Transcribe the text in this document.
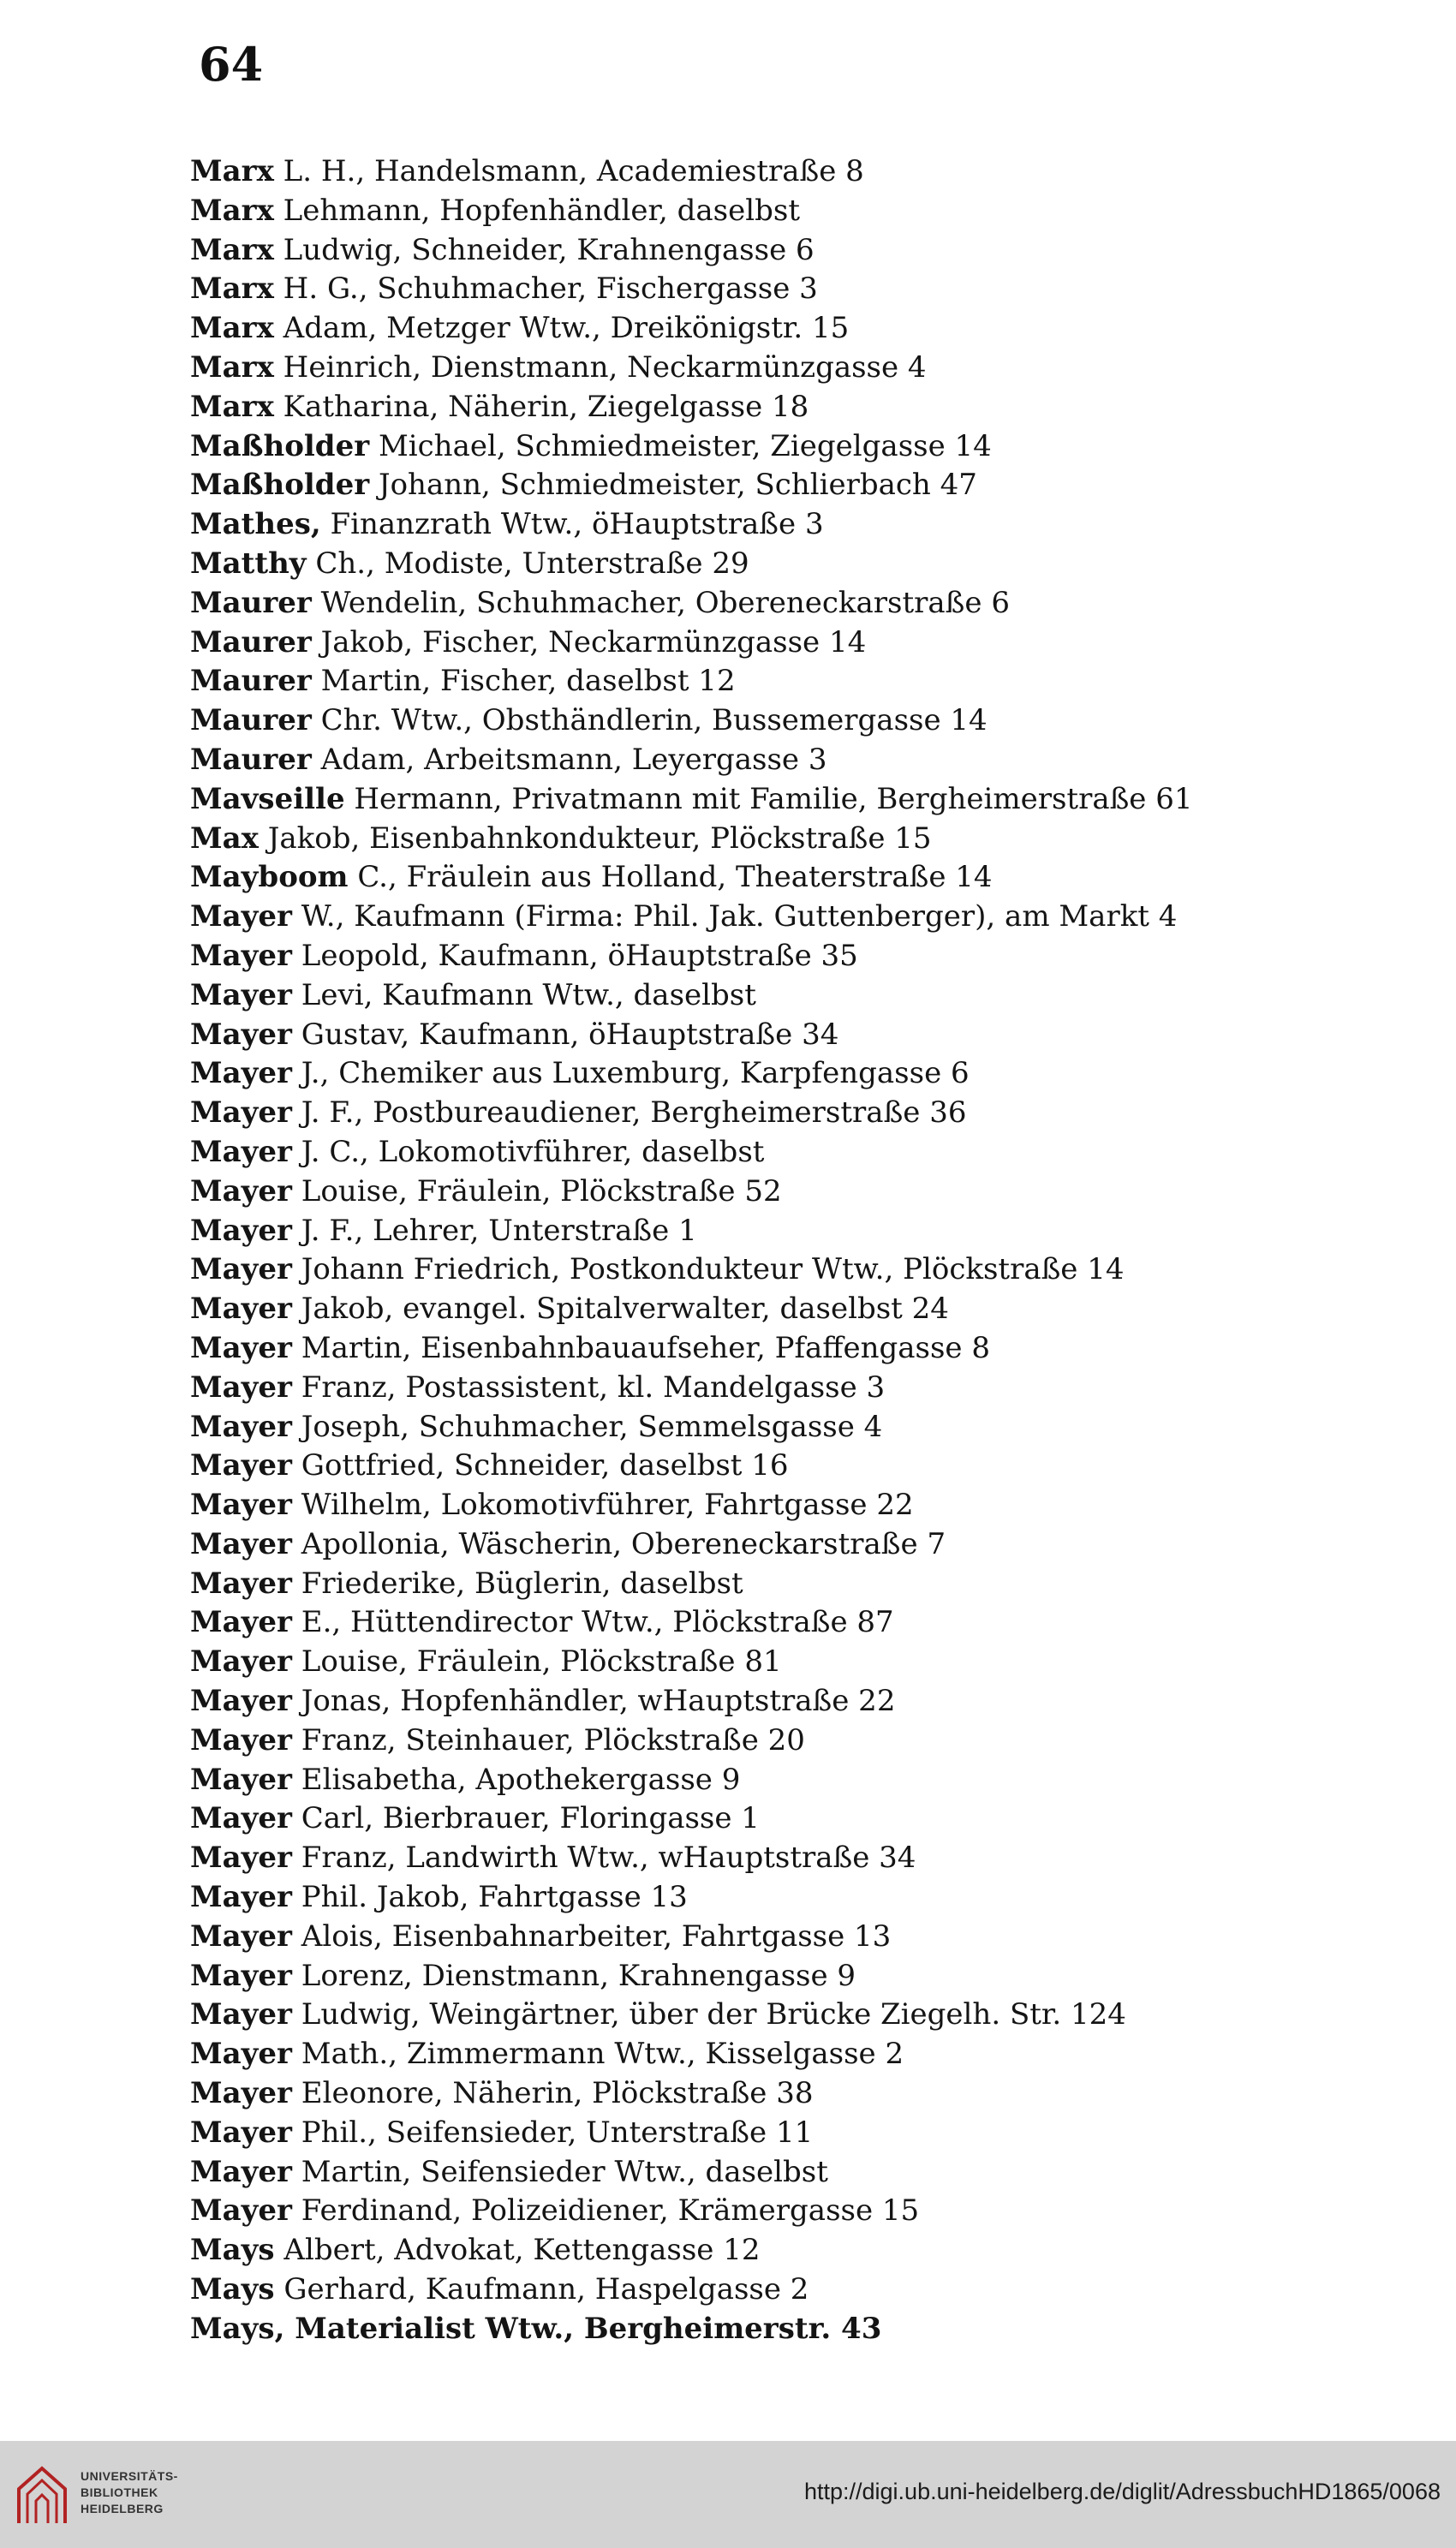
64
Marx L. H., Handelsmann, Academiestraße 8
Marx Lehmann, Hopfenhändler, daselbst
Marx Ludwig, Schneider, Krahnengasse 6
Marx H. G., Schuhmacher, Fischergasse 3
Marx Adam, Metzger Wtw., Dreikönigstr. 15
Marx Heinrich, Dienstmann, Neckarmünzgasse 4
Marx Katharina, Näherin, Ziegelgasse 18
Maßholder Michael, Schmiedmeister, Ziegelgasse 14
Maßholder Johann, Schmiedmeister, Schlierbach 47
Mathes, Finanzrath Wtw., öHauptstraße 3
Matthy Ch., Modiste, Unterstraße 29
Maurer Wendelin, Schuhmacher, Obereneckarstraße 6
Maurer Jakob, Fischer, Neckarmünzgasse 14
Maurer Martin, Fischer, daselbst 12
Maurer Chr. Wtw., Obsthändlerin, Bussemergasse 14
Maurer Adam, Arbeitsmann, Leyergasse 3
Mavseille Hermann, Privatmann mit Familie, Bergheimerstraße 61
Max Jakob, Eisenbahnkondukteur, Plöckstraße 15
Mayboom C., Fräulein aus Holland, Theaterstraße 14
Mayer W., Kaufmann (Firma: Phil. Jak. Guttenberger), am Markt 4
Mayer Leopold, Kaufmann, öHauptstraße 35
Mayer Levi, Kaufmann Wtw., daselbst
Mayer Gustav, Kaufmann, öHauptstraße 34
Mayer J., Chemiker aus Luxemburg, Karpfengasse 6
Mayer J. F., Postbureaudiener, Bergheimerstraße 36
Mayer J. C., Lokomotivführer, daselbst
Mayer Louise, Fräulein, Plöckstraße 52
Mayer J. F., Lehrer, Unterstraße 1
Mayer Johann Friedrich, Postkondukteur Wtw., Plöckstraße 14
Mayer Jakob, evangel. Spitalverwalter, daselbst 24
Mayer Martin, Eisenbahnbauaufseher, Pfaffengasse 8
Mayer Franz, Postassistent, kl. Mandelgasse 3
Mayer Joseph, Schuhmacher, Semmelsgasse 4
Mayer Gottfried, Schneider, daselbst 16
Mayer Wilhelm, Lokomotivführer, Fahrtgasse 22
Mayer Apollonia, Wäscherin, Obereneckarstraße 7
Mayer Friederike, Büglerin, daselbst
Mayer E., Hüttendirector Wtw., Plöckstraße 87
Mayer Louise, Fräulein, Plöckstraße 81
Mayer Jonas, Hopfenhändler, wHauptstraße 22
Mayer Franz, Steinhauer, Plöckstraße 20
Mayer Elisabetha, Apothekergasse 9
Mayer Carl, Bierbrauer, Floringasse 1
Mayer Franz, Landwirth Wtw., wHauptstraße 34
Mayer Phil. Jakob, Fahrtgasse 13
Mayer Alois, Eisenbahnarbeiter, Fahrtgasse 13
Mayer Lorenz, Dienstmann, Krahnengasse 9
Mayer Ludwig, Weingärtner, über der Brücke Ziegelh. Str. 124
Mayer Math., Zimmermann Wtw., Kisselgasse 2
Mayer Eleonore, Näherin, Plöckstraße 38
Mayer Phil., Seifensieder, Unterstraße 11
Mayer Martin, Seifensieder Wtw., daselbst
Mayer Ferdinand, Polizeidiener, Krämergasse 15
Mays Albert, Advokat, Kettengasse 12
Mays Gerhard, Kaufmann, Haspelgasse 2
Mays, Materialist Wtw., Bergheimerstr. 43
UNIVERSITÄTS-
BIBLIOTHEK
HEIDELBERG
http://digi.ub.uni-heidelberg.de/diglit/AdressbuchHD1865/0068
